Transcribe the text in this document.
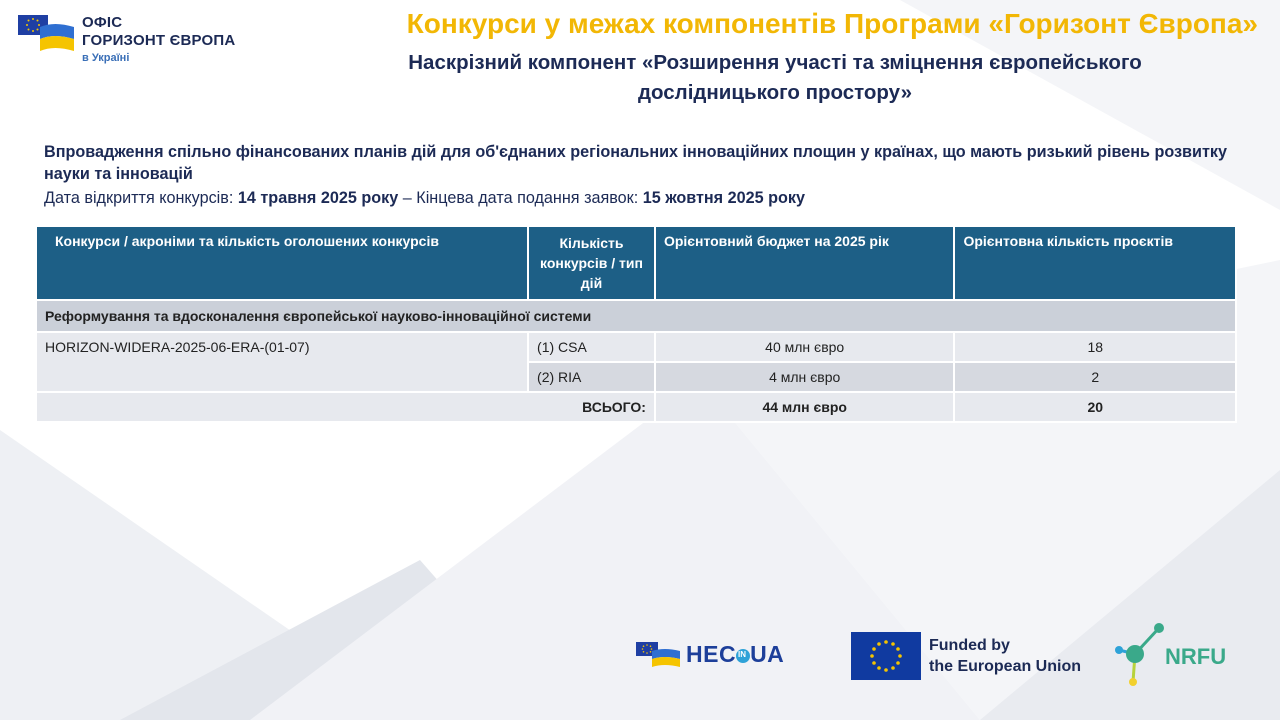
ОФІС
ГОРИЗОНТ ЄВРОПА
в Україні
Конкурси у межах компонентів Програми «Горизонт Європа»
Наскрізний компонент «Розширення участі та зміцнення європейського
дослідницького простору»
Впровадження спільно фінансованих планів дій для об'єднаних регіональних інноваційних площин у країнах, що мають ризький рівень розвитку науки та інновацій
Дата відкриття конкурсів: 14 травня 2025 року – Кінцева дата подання заявок: 15 жовтня 2025 року
Конкурси / акроніми та кількість оголошених конкурсів	Кількість конкурсів / тип дій	Орієнтовний бюджет на 2025 рік	Орієнтовна кількість проєктів
Реформування та вдосконалення європейської науково-інноваційної системи			
HORIZON-WIDERA-2025-06-ERA-(01-07)	(1) CSA	40 млн євро	18
	(2) RIA	4 млн євро	2
ВСЬОГО:		44 млн євро	20
HEC UA
IN
Funded by
the European Union	NRFU
